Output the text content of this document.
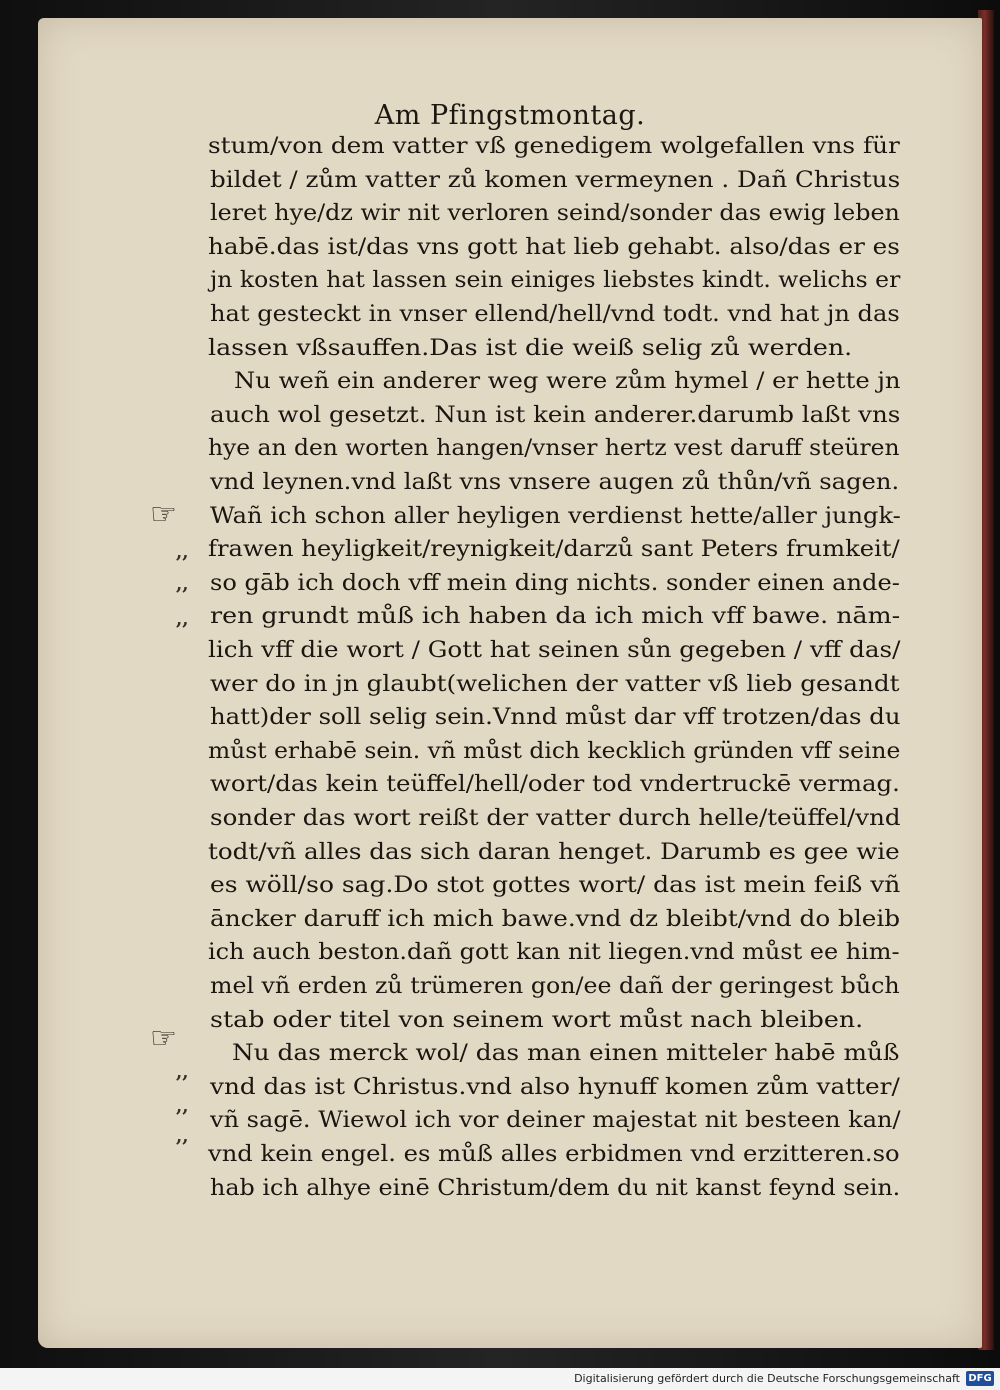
Am Pfingstmontag.
stum/von dem vatter vß genedigem wolgefallen vns für
bildet / zům vatter zů komen vermeynen . Dañ Christus
leret hye/dz wir nit verloren seind/sonder das ewig leben
habē.das ist/das vns gott hat lieb gehabt. also/das er es
jn kosten hat lassen sein einiges liebstes kindt. welichs er
hat gesteckt in vnser ellend/hell/vnd todt. vnd hat jn das
lassen vßsauffen.Das ist die weiß selig zů werden.
Nu weñ ein anderer weg were zům hymel / er hette jn
auch wol gesetzt. Nun ist kein anderer.darumb laßt vns
hye an den worten hangen/vnser hertz vest daruff steüren
vnd leynen.vnd laßt vns vnsere augen zů thůn/vñ sagen.
Wañ ich schon aller heyligen verdienst hette/aller jungk-
frawen heyligkeit/reynigkeit/darzů sant Peters frumkeit/
so gāb ich doch vff mein ding nichts. sonder einen ande-
ren grundt můß ich haben da ich mich vff bawe. nām-
lich vff die wort / Gott hat seinen sůn gegeben / vff das/
wer do in jn glaubt(welichen der vatter vß lieb gesandt
hatt)der soll selig sein.Vnnd můst dar vff trotzen/das du
můst erhabē sein. vñ můst dich kecklich gründen vff seine
wort/das kein teüffel/hell/oder tod vndertruckē vermag.
sonder das wort reißt der vatter durch helle/teüffel/vnd
todt/vñ alles das sich daran henget. Darumb es gee wie
es wöll/so sag.Do stot gottes wort/ das ist mein feiß vñ
āncker daruff ich mich bawe.vnd dz bleibt/vnd do bleib
ich auch beston.dañ gott kan nit liegen.vnd můst ee him-
mel vñ erden zů trümeren gon/ee dañ der geringest bůch
stab oder titel von seinem wort můst nach bleiben.
Nu das merck wol/ das man einen mitteler habē můß
vnd das ist Christus.vnd also hynuff komen zům vatter/
vñ sagē. Wiewol ich vor deiner majestat nit besteen kan/
vnd kein engel. es můß alles erbidmen vnd erzitteren.so
hab ich alhye einē Christum/dem du nit kanst feynd sein.
☞
☞
,,
,,
,,
,,
,,
,,
Digitalisierung gefördert durch die Deutsche Forschungsgemeinschaft DFG
